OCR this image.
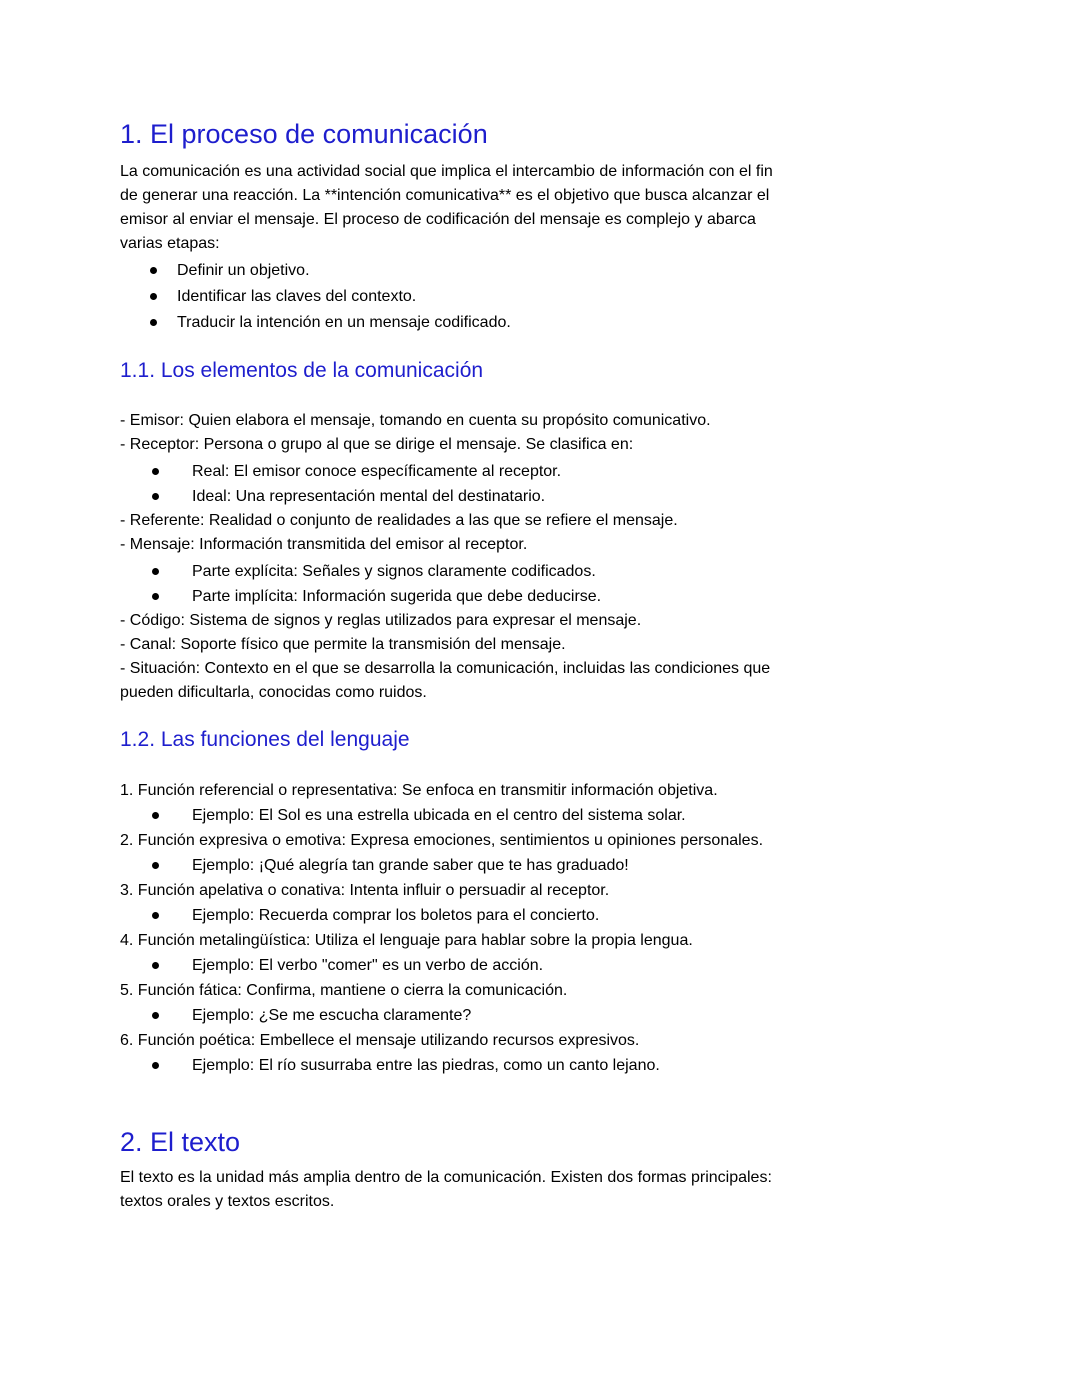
1. El proceso de comunicación
La comunicación es una actividad social que implica el intercambio de información con el fin
de generar una reacción. La **intención comunicativa** es el objetivo que busca alcanzar el
emisor al enviar el mensaje. El proceso de codificación del mensaje es complejo y abarca
varias etapas:
Definir un objetivo.
Identificar las claves del contexto.
Traducir la intención en un mensaje codificado.
1.1. Los elementos de la comunicación
- Emisor: Quien elabora el mensaje, tomando en cuenta su propósito comunicativo.
- Receptor: Persona o grupo al que se dirige el mensaje. Se clasifica en:
Real: El emisor conoce específicamente al receptor.
Ideal: Una representación mental del destinatario.
- Referente: Realidad o conjunto de realidades a las que se refiere el mensaje.
- Mensaje: Información transmitida del emisor al receptor.
Parte explícita: Señales y signos claramente codificados.
Parte implícita: Información sugerida que debe deducirse.
- Código: Sistema de signos y reglas utilizados para expresar el mensaje.
- Canal: Soporte físico que permite la transmisión del mensaje.
- Situación: Contexto en el que se desarrolla la comunicación, incluidas las condiciones que
pueden dificultarla, conocidas como ruidos.
1.2. Las funciones del lenguaje
1. Función referencial o representativa: Se enfoca en transmitir información objetiva.
Ejemplo: El Sol es una estrella ubicada en el centro del sistema solar.
2. Función expresiva o emotiva: Expresa emociones, sentimientos u opiniones personales.
Ejemplo: ¡Qué alegría tan grande saber que te has graduado!
3. Función apelativa o conativa: Intenta influir o persuadir al receptor.
Ejemplo: Recuerda comprar los boletos para el concierto.
4. Función metalingüística: Utiliza el lenguaje para hablar sobre la propia lengua.
Ejemplo: El verbo "comer" es un verbo de acción.
5. Función fática: Confirma, mantiene o cierra la comunicación.
Ejemplo: ¿Se me escucha claramente?
6. Función poética: Embellece el mensaje utilizando recursos expresivos.
Ejemplo: El río susurraba entre las piedras, como un canto lejano.
2. El texto
El texto es la unidad más amplia dentro de la comunicación. Existen dos formas principales:
textos orales y textos escritos.
